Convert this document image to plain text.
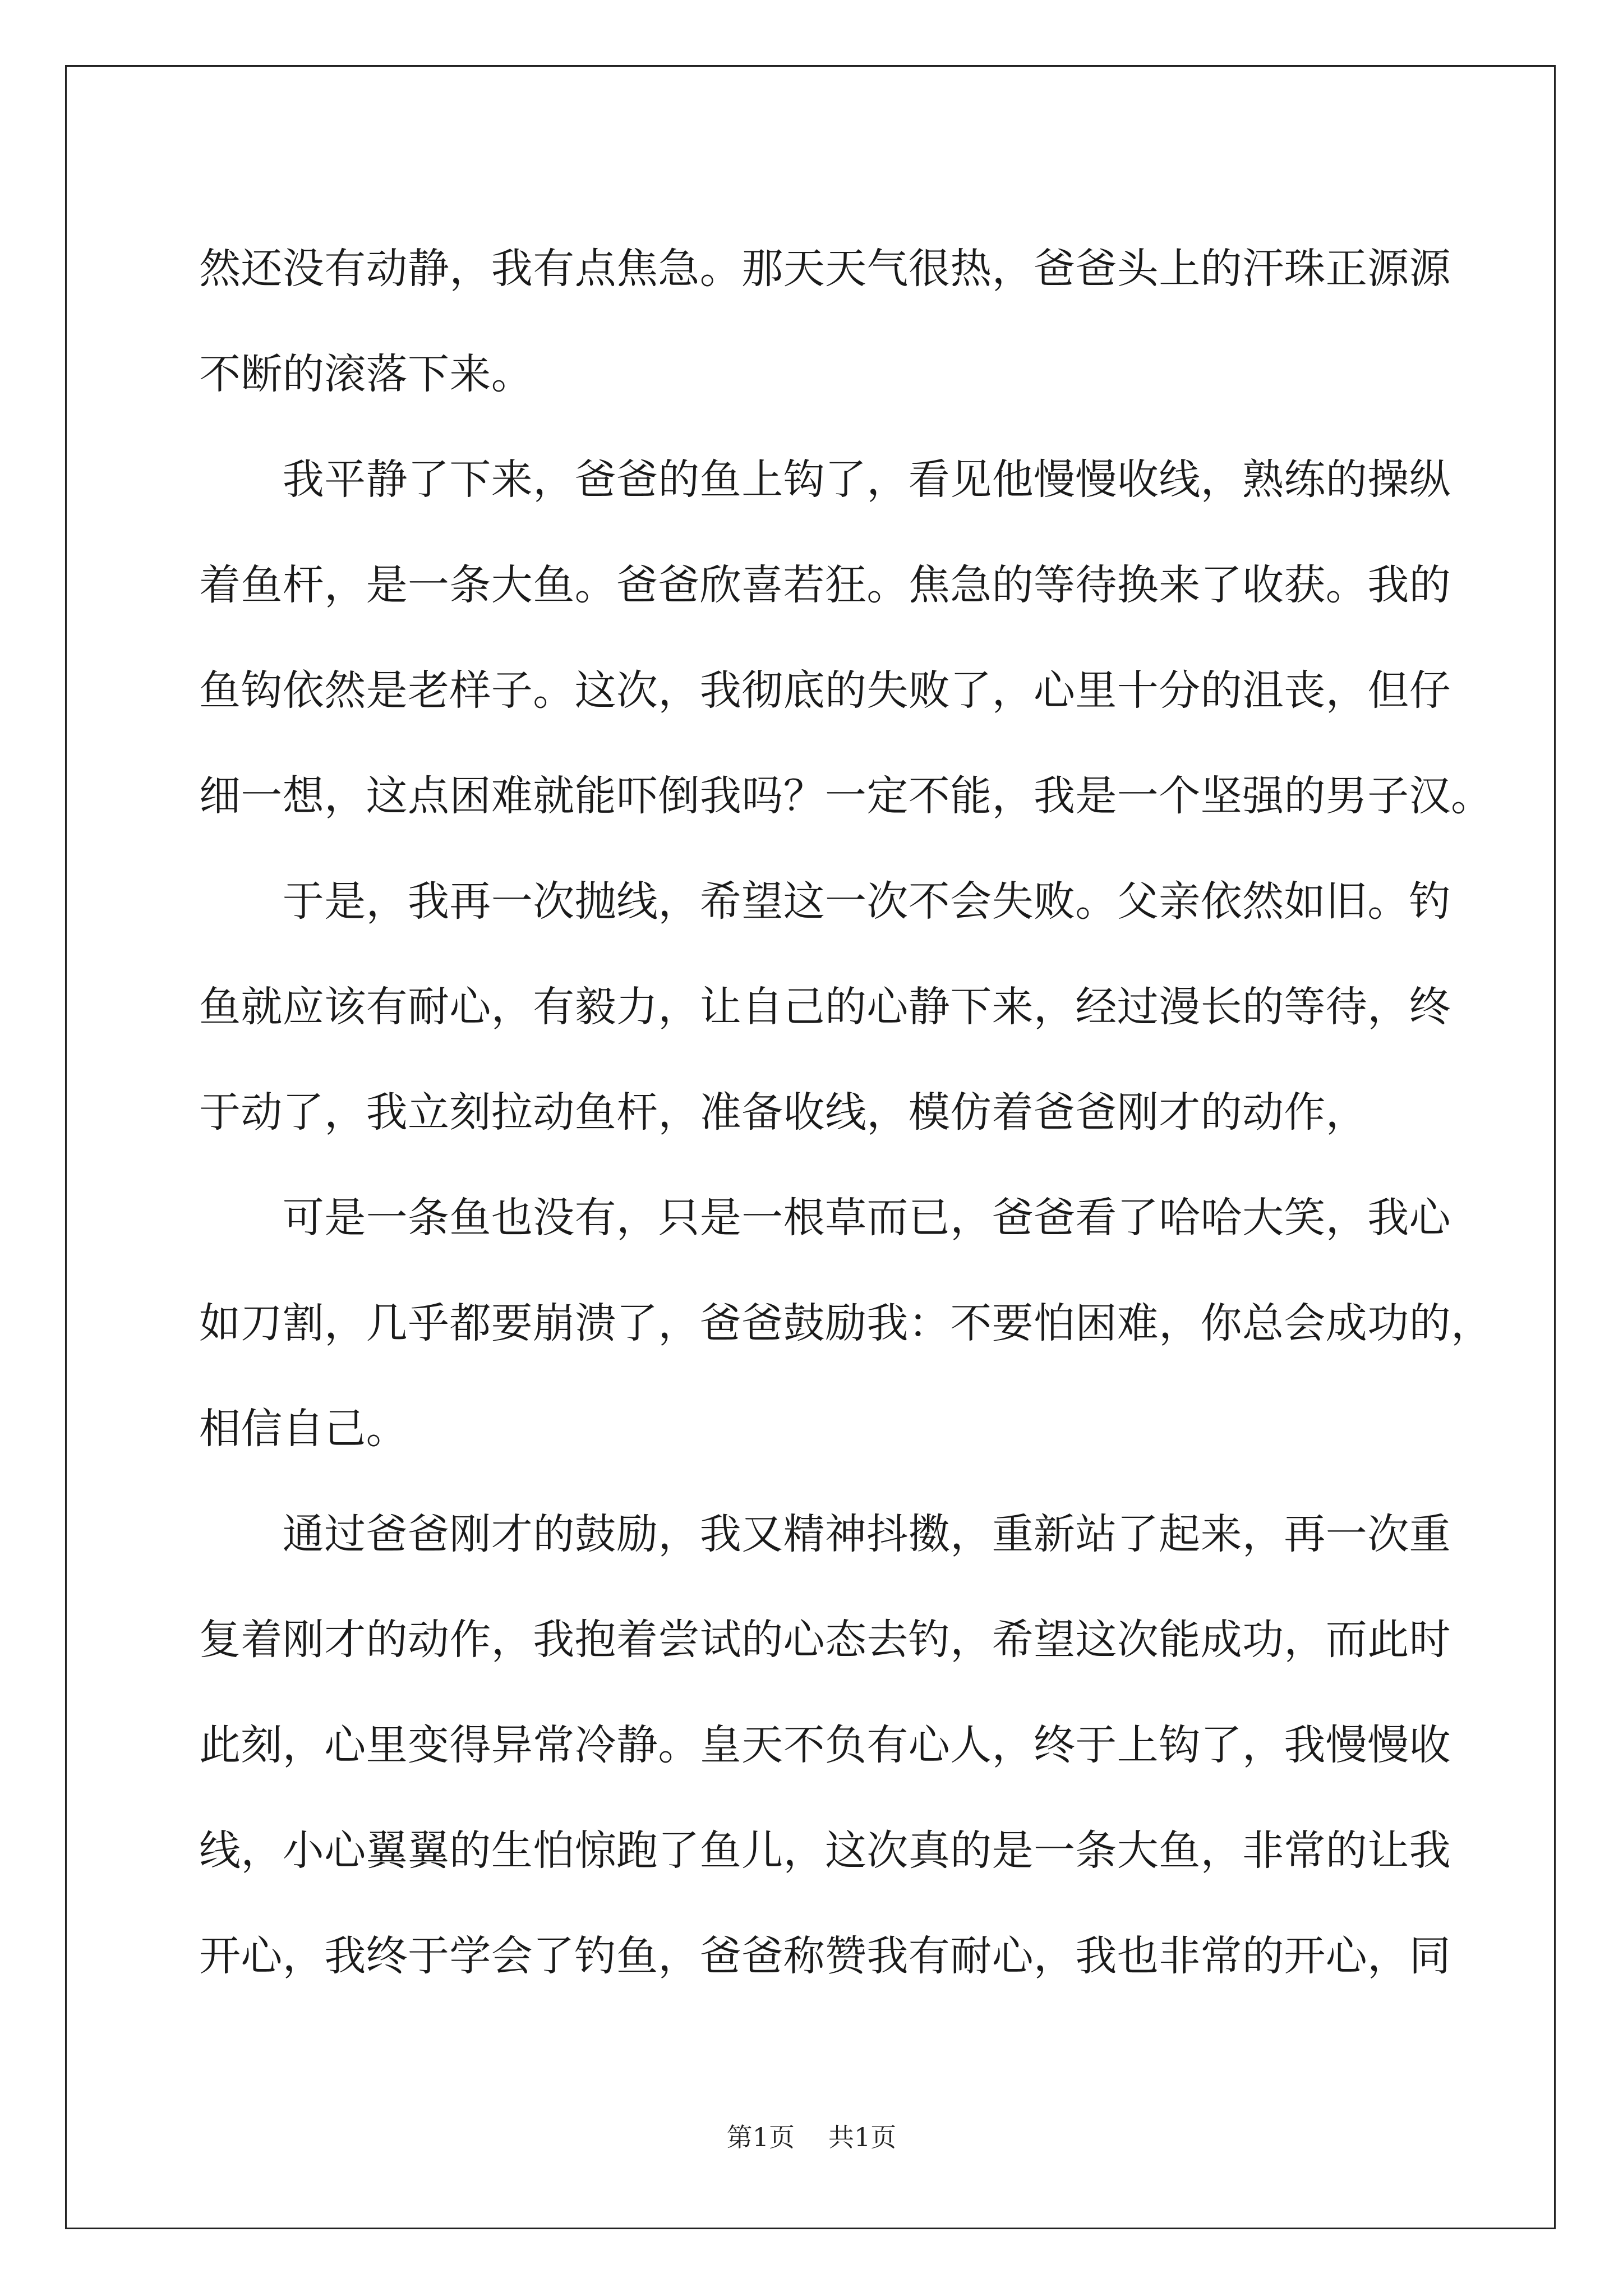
然还没有动静，我有点焦急。那天天气很热，爸爸头上的汗珠正源源
不断的滚落下来。
　　我平静了下来，爸爸的鱼上钩了，看见他慢慢收线，熟练的操纵
着鱼杆，是一条大鱼。爸爸欣喜若狂。焦急的等待换来了收获。我的
鱼钩依然是老样子。这次，我彻底的失败了，心里十分的沮丧，但仔
细一想，这点困难就能吓倒我吗？一定不能，我是一个坚强的男子汉。
　　于是，我再一次抛线，希望这一次不会失败。父亲依然如旧。钓
鱼就应该有耐心，有毅力，让自己的心静下来，经过漫长的等待，终
于动了，我立刻拉动鱼杆，准备收线，模仿着爸爸刚才的动作，
　　可是一条鱼也没有，只是一根草而已，爸爸看了哈哈大笑，我心
如刀割，几乎都要崩溃了，爸爸鼓励我：不要怕困难，你总会成功的，
相信自己。
　　通过爸爸刚才的鼓励，我又精神抖擞，重新站了起来，再一次重
复着刚才的动作，我抱着尝试的心态去钓，希望这次能成功，而此时
此刻，心里变得异常冷静。皇天不负有心人，终于上钩了，我慢慢收
线，小心翼翼的生怕惊跑了鱼儿，这次真的是一条大鱼，非常的让我
开心，我终于学会了钓鱼，爸爸称赞我有耐心，我也非常的开心，同
第1页 共1页
